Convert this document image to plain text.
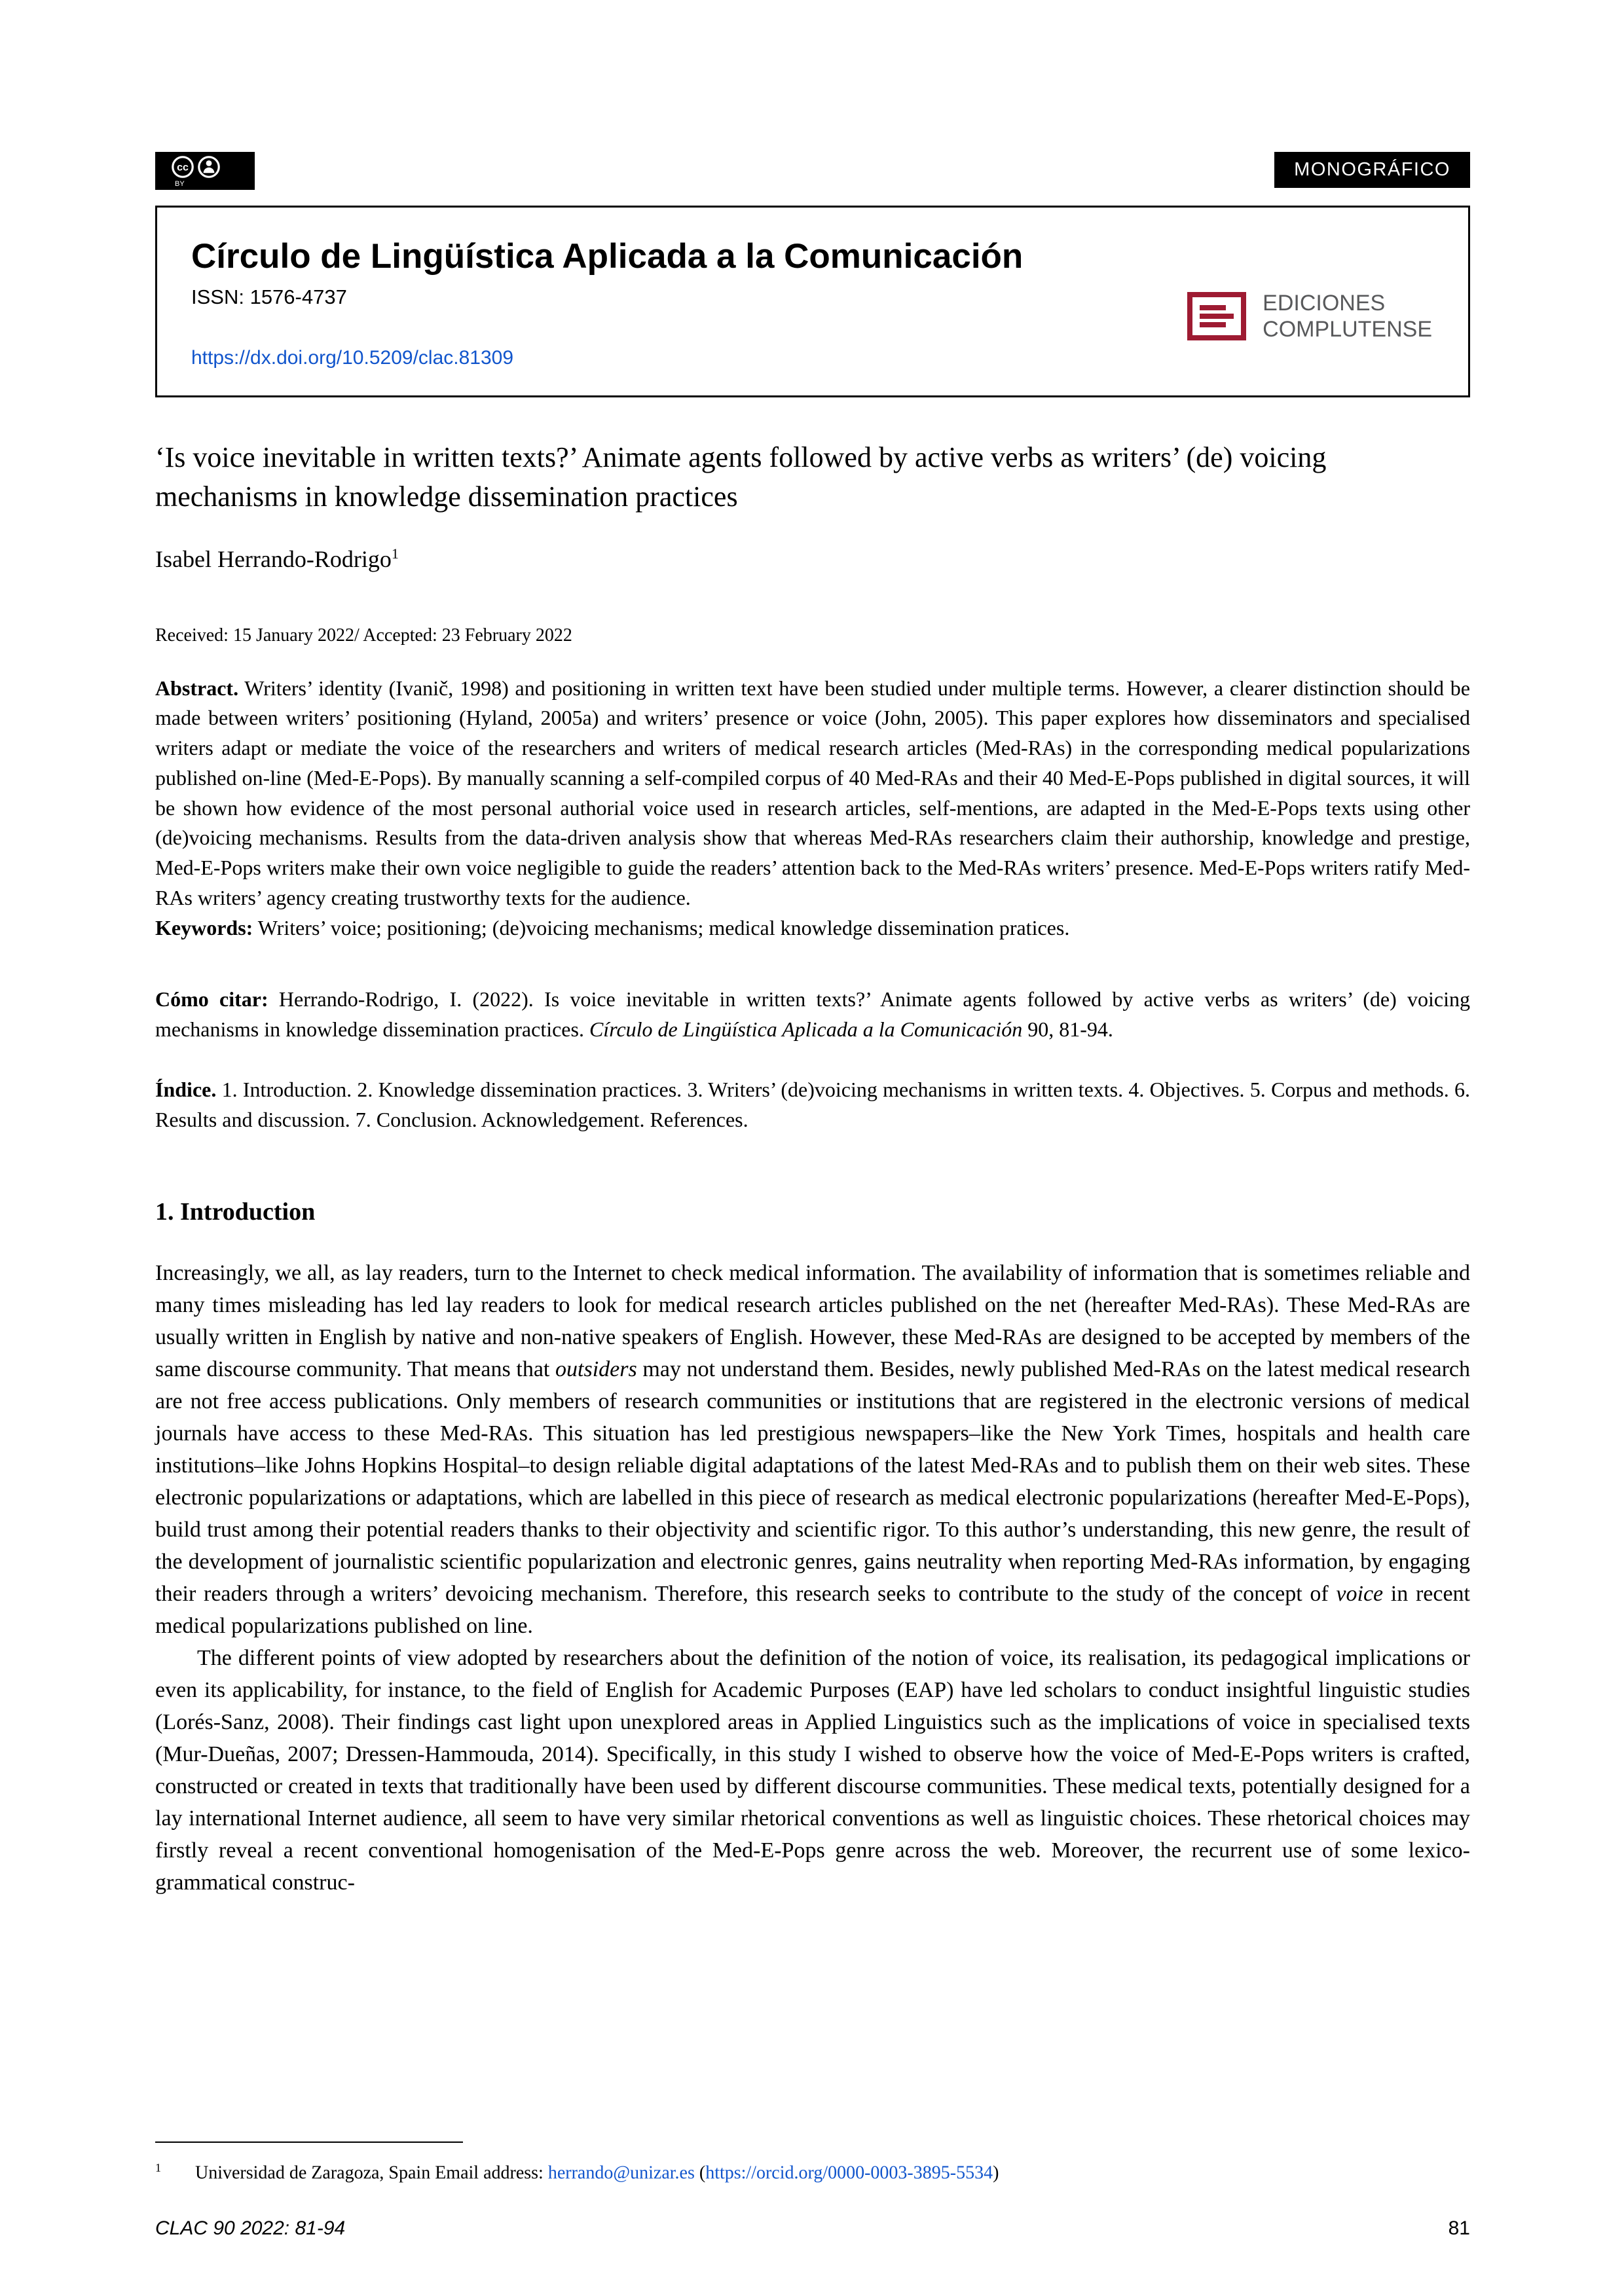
cc
BY
MONOGRÁFICO
Círculo de Lingüística Aplicada a la Comunicación
ISSN: 1576-4737
https://dx.doi.org/10.5209/clac.81309
EDICIONES
COMPLUTENSE
‘Is voice inevitable in written texts?’ Animate agents followed by active verbs as writers’ (de) voicing mechanisms in knowledge dissemination practices
Isabel Herrando-Rodrigo$^1$
Received: 15 January 2022/ Accepted: 23 February 2022

Abstract. Writers’ identity (Ivanič, 1998) and positioning in written text have been studied under multiple terms. However, a clearer distinction should be made between writers’ positioning (Hyland, 2005a) and writers’ presence or voice (John, 2005). This paper explores how disseminators and specialised writers adapt or mediate the voice of the researchers and writers of medical research articles (Med-RAs) in the corresponding medical popularizations published on-line (Med-E-Pops). By manually scanning a self-compiled corpus of 40 Med-RAs and their 40 Med-E-Pops published in digital sources, it will be shown how evidence of the most personal authorial voice used in research articles, self-mentions, are adapted in the Med-E-Pops texts using other (de)voicing mechanisms. Results from the data-driven analysis show that whereas Med-RAs researchers claim their authorship, knowledge and prestige, Med-E-Pops writers make their own voice negligible to guide the readers’ attention back to the Med-RAs writers’ presence. Med-E-Pops writers ratify Med-RAs writers’ agency creating trustworthy texts for the audience.

Keywords: Writers’ voice; positioning; (de)voicing mechanisms; medical knowledge dissemination pratices.

Cómo citar: Herrando-Rodrigo, I. (2022). Is voice inevitable in written texts?’ Animate agents followed by active verbs as writers’ (de) voicing mechanisms in knowledge dissemination practices. Círculo de Lingüística Aplicada a la Comunicación 90, 81-94.

Índice. 1. Introduction. 2. Knowledge dissemination practices. 3. Writers’ (de)voicing mechanisms in written texts. 4. Objectives. 5. Corpus and methods. 6. Results and discussion. 7. Conclusion. Acknowledgement. References.

1. Introduction

Increasingly, we all, as lay readers, turn to the Internet to check medical information. The availability of information that is sometimes reliable and many times misleading has led lay readers to look for medical research articles published on the net (hereafter Med-RAs). These Med-RAs are usually written in English by native and non-native speakers of English. However, these Med-RAs are designed to be accepted by members of the same discourse community. That means that outsiders may not understand them. Besides, newly published Med-RAs on the latest medical research are not free access publications. Only members of research communities or institutions that are registered in the electronic versions of medical journals have access to these Med-RAs. This situation has led prestigious newspapers–like the New York Times, hospitals and health care institutions–like Johns Hopkins Hospital–to design reliable digital adaptations of the latest Med-RAs and to publish them on their web sites. These electronic popularizations or adaptations, which are labelled in this piece of research as medical electronic popularizations (hereafter Med-E-Pops), build trust among their potential readers thanks to their objectivity and scientific rigor. To this author’s understanding, this new genre, the result of the development of journalistic scientific popularization and electronic genres, gains neutrality when reporting Med-RAs information, by engaging their readers through a writers’ devoicing mechanism. Therefore, this research seeks to contribute to the study of the concept of voice in recent medical popularizations published on line.

The different points of view adopted by researchers about the definition of the notion of voice, its realisation, its pedagogical implications or even its applicability, for instance, to the field of English for Academic Purposes (EAP) have led scholars to conduct insightful linguistic studies (Lorés-Sanz, 2008). Their findings cast light upon unexplored areas in Applied Linguistics such as the implications of voice in specialised texts (Mur-Dueñas, 2007; Dressen-Hammouda, 2014). Specifically, in this study I wished to observe how the voice of Med-E-Pops writers is crafted, constructed or created in texts that traditionally have been used by different discourse communities. These medical texts, potentially designed for a lay international Internet audience, all seem to have very similar rhetorical conventions as well as linguistic choices. These rhetorical choices may firstly reveal a recent conventional homogenisation of the Med-E-Pops genre across the web. Moreover, the recurrent use of some lexico-grammatical construc-

$^1$ Universidad de Zaragoza, Spain Email address: herrando@unizar.es (https://orcid.org/0000-0003-3895-5534)
CLAC 90 2022: 81-94	81
